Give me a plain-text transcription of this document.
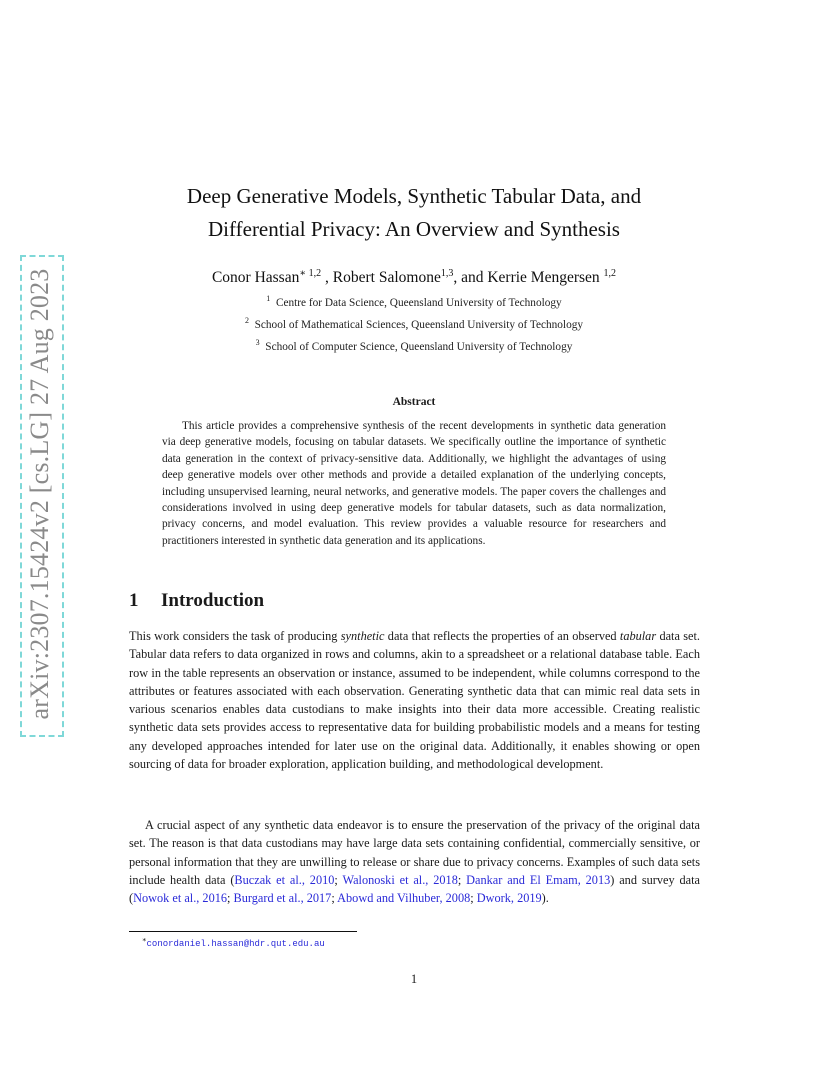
arXiv:2307.15424v2 [cs.LG] 27 Aug 2023
Deep Generative Models, Synthetic Tabular Data, and
Differential Privacy: An Overview and Synthesis
Conor Hassan$^{∗ 1,2}$ , Robert Salomone$^{1,3}$, and Kerrie Mengersen $^{1,2}$
$^1$ Centre for Data Science, Queensland University of Technology
$^2$ School of Mathematical Sciences, Queensland University of Technology
$^3$ School of Computer Science, Queensland University of Technology
Abstract
This article provides a comprehensive synthesis of the recent developments in synthetic data generation via deep generative models, focusing on tabular datasets. We specifically outline the importance of synthetic data generation in the context of privacy-sensitive data. Additionally, we highlight the advantages of using deep generative models over other methods and provide a detailed explanation of the underlying concepts, including unsupervised learning, neural networks, and generative models. The paper covers the challenges and considerations involved in using deep generative models for tabular datasets, such as data normalization, privacy concerns, and model evaluation. This review provides a valuable resource for researchers and practitioners interested in synthetic data generation and its applications.
1 Introduction
This work considers the task of producing synthetic data that reflects the properties of an observed tabular data set. Tabular data refers to data organized in rows and columns, akin to a spreadsheet or a relational database table. Each row in the table represents an observation or instance, assumed to be independent, while columns correspond to the attributes or features associated with each observation. Generating synthetic data that can mimic real data sets in various scenarios enables data custodians to make insights into their data more accessible. Creating realistic synthetic data sets provides access to representative data for building probabilistic models and a means for testing any developed approaches intended for later use on the original data. Additionally, it enables showing or open sourcing of data for broader exploration, application building, and methodological development.
A crucial aspect of any synthetic data endeavor is to ensure the preservation of the privacy of the original data set. The reason is that data custodians may have large data sets containing confidential, commercially sensitive, or personal information that they are unwilling to release or share due to privacy concerns. Examples of such data sets include health data (Buczak et al., 2010; Walonoski et al., 2018; Dankar and El Emam, 2013) and survey data (Nowok et al., 2016; Burgard et al., 2017; Abowd and Vilhuber, 2008; Dwork, 2019).
∗conordaniel.hassan@hdr.qut.edu.au
1
